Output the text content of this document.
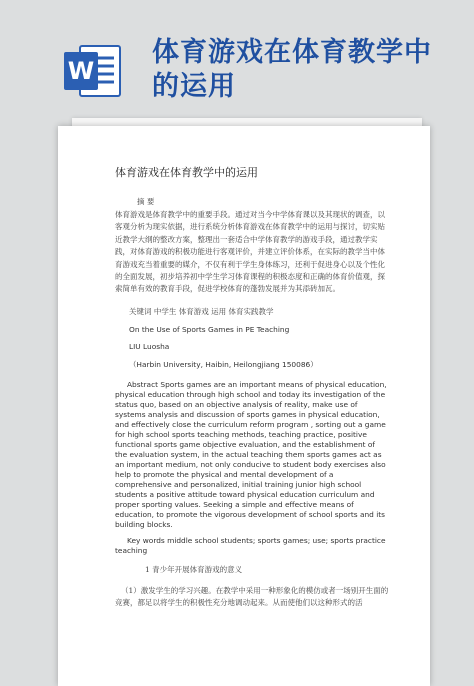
W
体育游戏在体育教学中的运用
体育游戏在体育教学中的运用
摘 要

体育游戏是体育教学中的重要手段。通过对当今中学体育课以及其现状的调查，以客观分析为现实依据，进行系统分析体育游戏在体育教学中的运用与探讨，切实贴近教学大纲的整改方案，整理出一套适合中学体育教学的游戏手段，通过教学实践，对体育游戏的积极功能进行客观评价，并建立评价体系，在实际的教学当中体育游戏充当着重要的媒介，不仅有利于学生身体练习，还利于促进身心以及个性化的全面发展，初步培养初中学生学习体育课程的积极态度和正确的体育价值观，探索简单有效的教育手段，促进学校体育的蓬勃发展并为其添砖加瓦。

关键词 中学生 体育游戏 运用 体育实践教学
On the Use of Sports Games in PE Teaching
LIU Luosha
（Harbin University, Haibin, Heilongjiang 150086）

Abstract Sports games are an important means of physical education, physical education through high school and today its investigation of the status quo, based on an objective analysis of reality, make use of systems analysis and discussion of sports games in physical education, and effectively close the curriculum reform program , sorting out a game for high school sports teaching methods, teaching practice, positive functional sports game objective evaluation, and the establishment of the evaluation system, in the actual teaching them sports games act as an important medium, not only conducive to student body exercises also help to promote the physical and mental development of a comprehensive and personalized, initial training junior high school students a positive attitude toward physical education curriculum and proper sporting values. Seeking a simple and effective means of education, to promote the vigorous development of school sports and its building blocks.

Key words middle school students; sports games; use; sports practice teaching

1 青少年开展体育游戏的意义

（1）激发学生的学习兴趣。在教学中采用一种形象化的模仿或者一场别开生面的竞赛，都足以将学生的积极性充分地调动起来。从而使他们以这种形式的活
